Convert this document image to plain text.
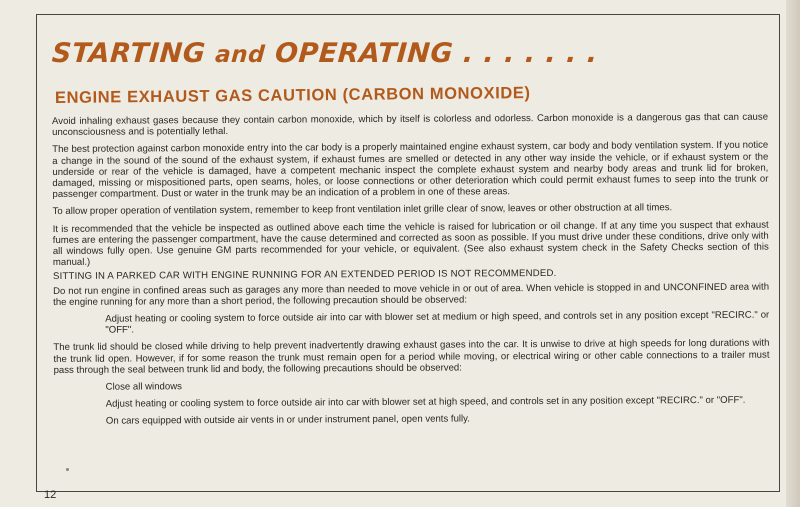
STARTING and OPERATING . . . . . . .
ENGINE EXHAUST GAS CAUTION (CARBON MONOXIDE)

Avoid inhaling exhaust gases because they contain carbon monoxide, which by itself is colorless and odorless. Carbon monoxide is a dangerous gas that can cause unconsciousness and is potentially lethal.

The best protection against carbon monoxide entry into the car body is a properly maintained engine exhaust system, car body and body ventilation system. If you notice a change in the sound of the sound of the exhaust system, if exhaust fumes are smelled or detected in any other way inside the vehicle, or if exhaust system or the underside or rear of the vehicle is damaged, have a competent mechanic inspect the complete exhaust system and nearby body areas and trunk lid for broken, damaged, missing or mispositioned parts, open seams, holes, or loose connections or other deterioration which could permit exhaust fumes to seep into the trunk or passenger compartment. Dust or water in the trunk may be an indication of a problem in one of these areas.

To allow proper operation of ventilation system, remember to keep front ventilation inlet grille clear of snow, leaves or other obstruction at all times.

It is recommended that the vehicle be inspected as outlined above each time the vehicle is raised for lubrication or oil change. If at any time you suspect that exhaust fumes are entering the passenger compartment, have the cause determined and corrected as soon as possible. If you must drive under these conditions, drive only with all windows fully open. Use genuine GM parts recommended for your vehicle, or equivalent. (See also exhaust system check in the Safety Checks section of this manual.)

SITTING IN A PARKED CAR WITH ENGINE RUNNING FOR AN EXTENDED PERIOD IS NOT RECOMMENDED.

Do not run engine in confined areas such as garages any more than needed to move vehicle in or out of area. When vehicle is stopped in and UNCONFINED area with the engine running for any more than a short period, the following precaution should be observed:

Adjust heating or cooling system to force outside air into car with blower set at medium or high speed, and controls set in any position except "RECIRC." or "OFF".

The trunk lid should be closed while driving to help prevent inadvertently drawing exhaust gases into the car. It is unwise to drive at high speeds for long durations with the trunk lid open. However, if for some reason the trunk must remain open for a period while moving, or electrical wiring or other cable connections to a trailer must pass through the seal between trunk lid and body, the following precautions should be observed:

Close all windows

Adjust heating or cooling system to force outside air into car with blower set at high speed, and controls set in any position except "RECIRC." or "OFF".

On cars equipped with outside air vents in or under instrument panel, open vents fully.

12
